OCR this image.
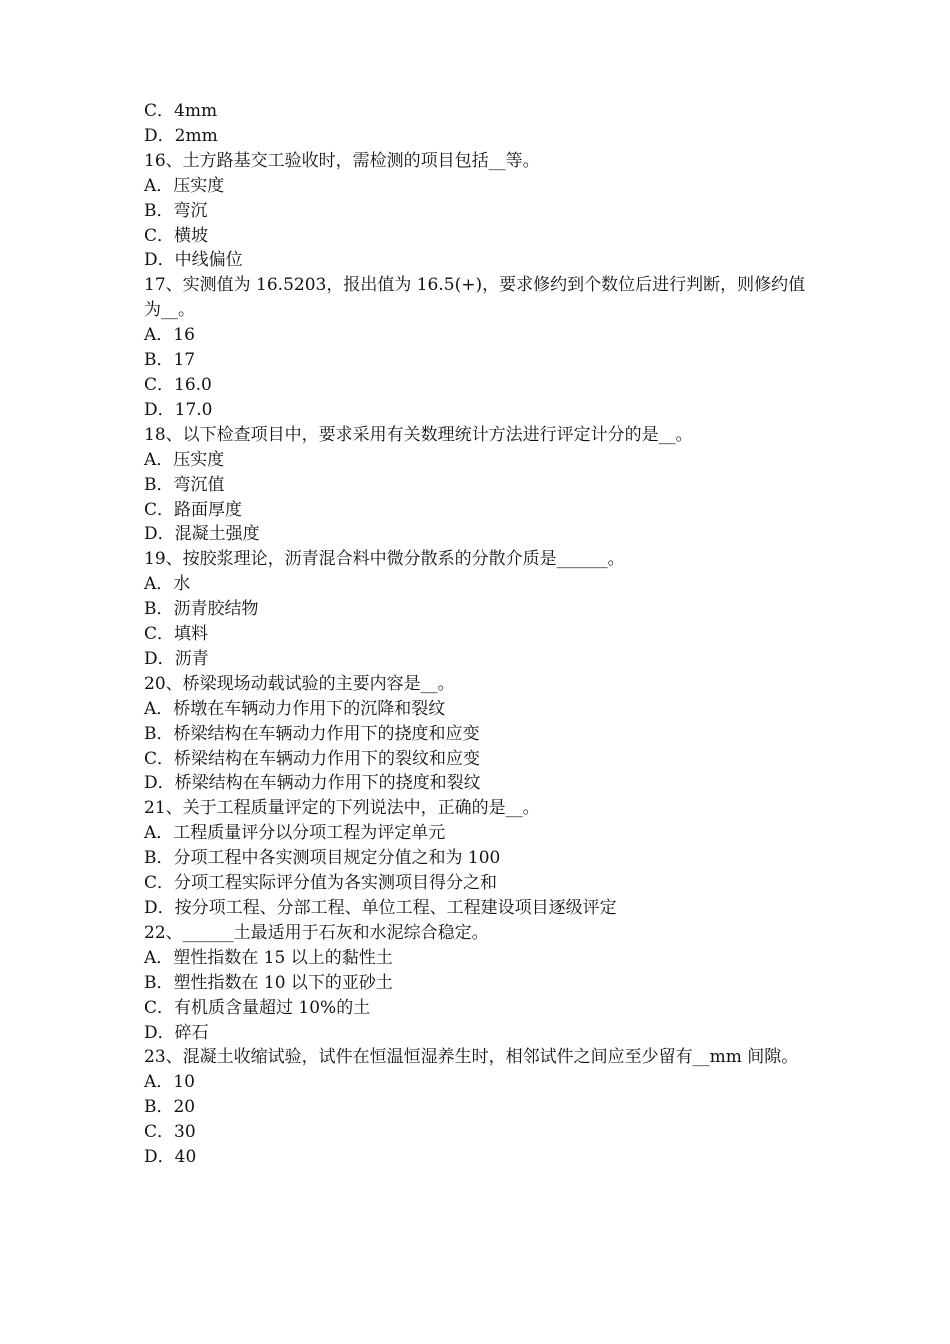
C．4mm
D．2mm
16、土方路基交工验收时，需检测的项目包括__等。
A．压实度
B．弯沉
C．横坡
D．中线偏位
17、实测值为 16.5203，报出值为 16.5(+)，要求修约到个数位后进行判断，则修约值为__。
A．16
B．17
C．16.0
D．17.0
18、以下检查项目中，要求采用有关数理统计方法进行评定计分的是__。
A．压实度
B．弯沉值
C．路面厚度
D．混凝土强度
19、按胶浆理论，沥青混合料中微分散系的分散介质是______。
A．水
B．沥青胶结物
C．填料
D．沥青
20、桥梁现场动载试验的主要内容是__。
A．桥墩在车辆动力作用下的沉降和裂纹
B．桥梁结构在车辆动力作用下的挠度和应变
C．桥梁结构在车辆动力作用下的裂纹和应变
D．桥梁结构在车辆动力作用下的挠度和裂纹
21、关于工程质量评定的下列说法中，正确的是__。
A．工程质量评分以分项工程为评定单元
B．分项工程中各实测项目规定分值之和为 100
C．分项工程实际评分值为各实测项目得分之和
D．按分项工程、分部工程、单位工程、工程建设项目逐级评定
22、______土最适用于石灰和水泥综合稳定。
A．塑性指数在 15 以上的黏性土
B．塑性指数在 10 以下的亚砂土
C．有机质含量超过 10%的土
D．碎石
23、混凝土收缩试验，试件在恒温恒湿养生时，相邻试件之间应至少留有__mm 间隙。
A．10
B．20
C．30
D．40
